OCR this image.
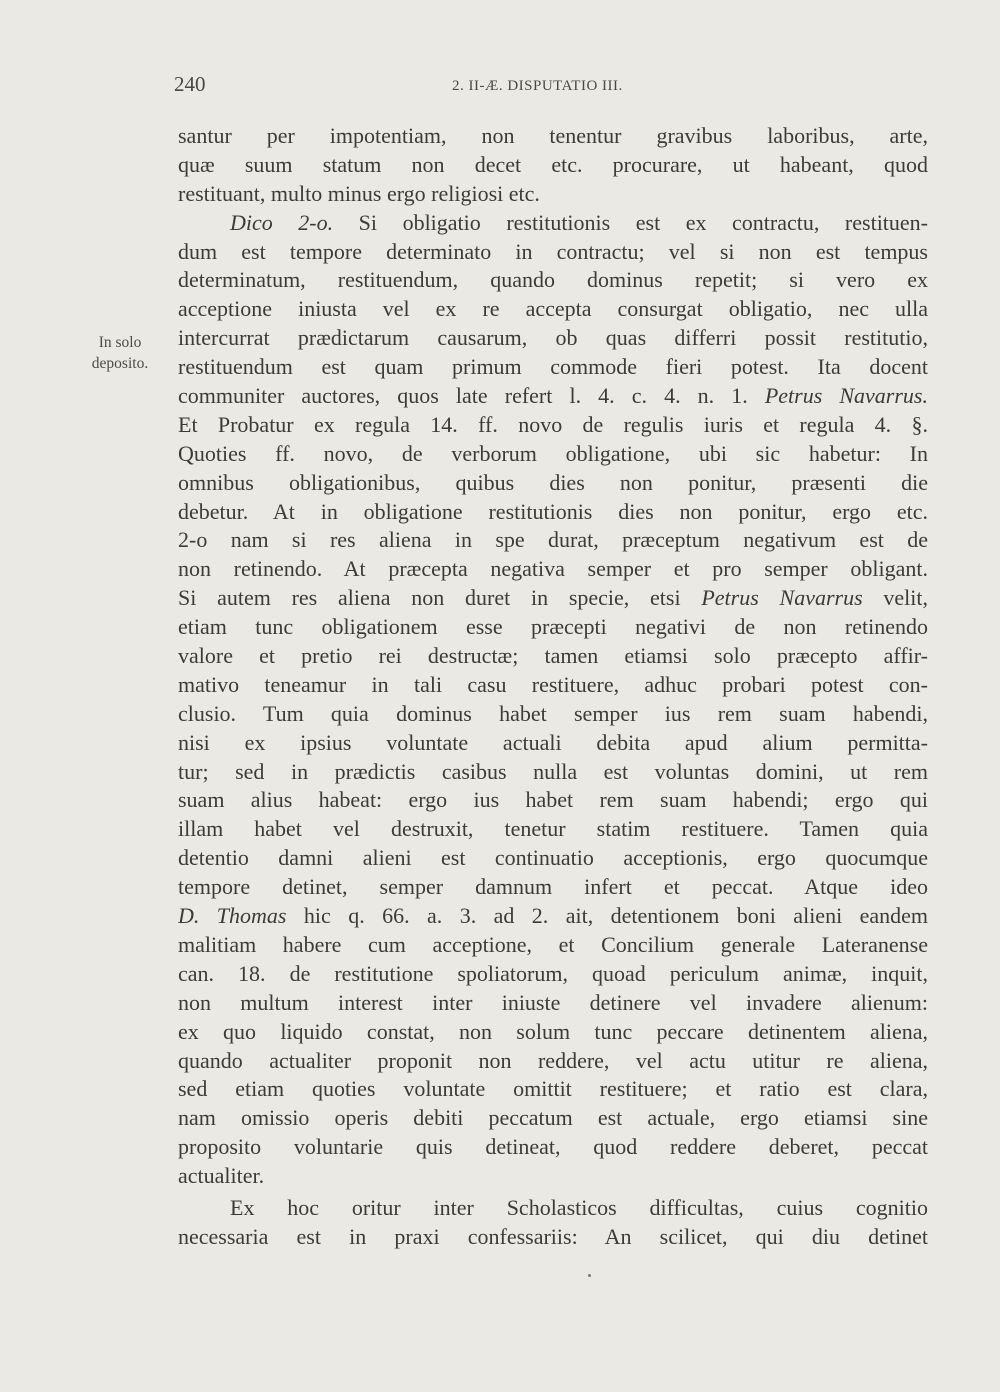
240	2. II-Æ. DISPUTATIO III.
In solo
deposito.
santur per impotentiam, non tenentur gravibus laboribus, arte,
quæ suum statum non decet etc. procurare, ut habeant, quod
restituant, multo minus ergo religiosi etc.
Dico 2-o. Si obligatio restitutionis est ex contractu, restituen-
dum est tempore determinato in contractu; vel si non est tempus
determinatum, restituendum, quando dominus repetit; si vero ex
acceptione iniusta vel ex re accepta consurgat obligatio, nec ulla
intercurrat prædictarum causarum, ob quas differri possit restitutio,
restituendum est quam primum commode fieri potest. Ita docent
communiter auctores, quos late refert l. 4. c. 4. n. 1. Petrus Navarrus.
Et Probatur ex regula 14. ff. novo de regulis iuris et regula 4. §.
Quoties ff. novo, de verborum obligatione, ubi sic habetur: In
omnibus obligationibus, quibus dies non ponitur, præsenti die
debetur. At in obligatione restitutionis dies non ponitur, ergo etc.
2-o nam si res aliena in spe durat, præceptum negativum est de
non retinendo. At præcepta negativa semper et pro semper obligant.
Si autem res aliena non duret in specie, etsi Petrus Navarrus velit,
etiam tunc obligationem esse præcepti negativi de non retinendo
valore et pretio rei destructæ; tamen etiamsi solo præcepto affir-
mativo teneamur in tali casu restituere, adhuc probari potest con-
clusio. Tum quia dominus habet semper ius rem suam habendi,
nisi ex ipsius voluntate actuali debita apud alium permitta-
tur; sed in prædictis casibus nulla est voluntas domini, ut rem
suam alius habeat: ergo ius habet rem suam habendi; ergo qui
illam habet vel destruxit, tenetur statim restituere. Tamen quia
detentio damni alieni est continuatio acceptionis, ergo quocumque
tempore detinet, semper damnum infert et peccat. Atque ideo
D. Thomas hic q. 66. a. 3. ad 2. ait, detentionem boni alieni eandem
malitiam habere cum acceptione, et Concilium generale Lateranense
can. 18. de restitutione spoliatorum, quoad periculum animæ, inquit,
non multum interest inter iniuste detinere vel invadere alienum:
ex quo liquido constat, non solum tunc peccare detinentem aliena,
quando actualiter proponit non reddere, vel actu utitur re aliena,
sed etiam quoties voluntate omittit restituere; et ratio est clara,
nam omissio operis debiti peccatum est actuale, ergo etiamsi sine
proposito voluntarie quis detineat, quod reddere deberet, peccat
actualiter.
Ex hoc oritur inter Scholasticos difficultas, cuius cognitio
necessaria est in praxi confessariis: An scilicet, qui diu detinet
